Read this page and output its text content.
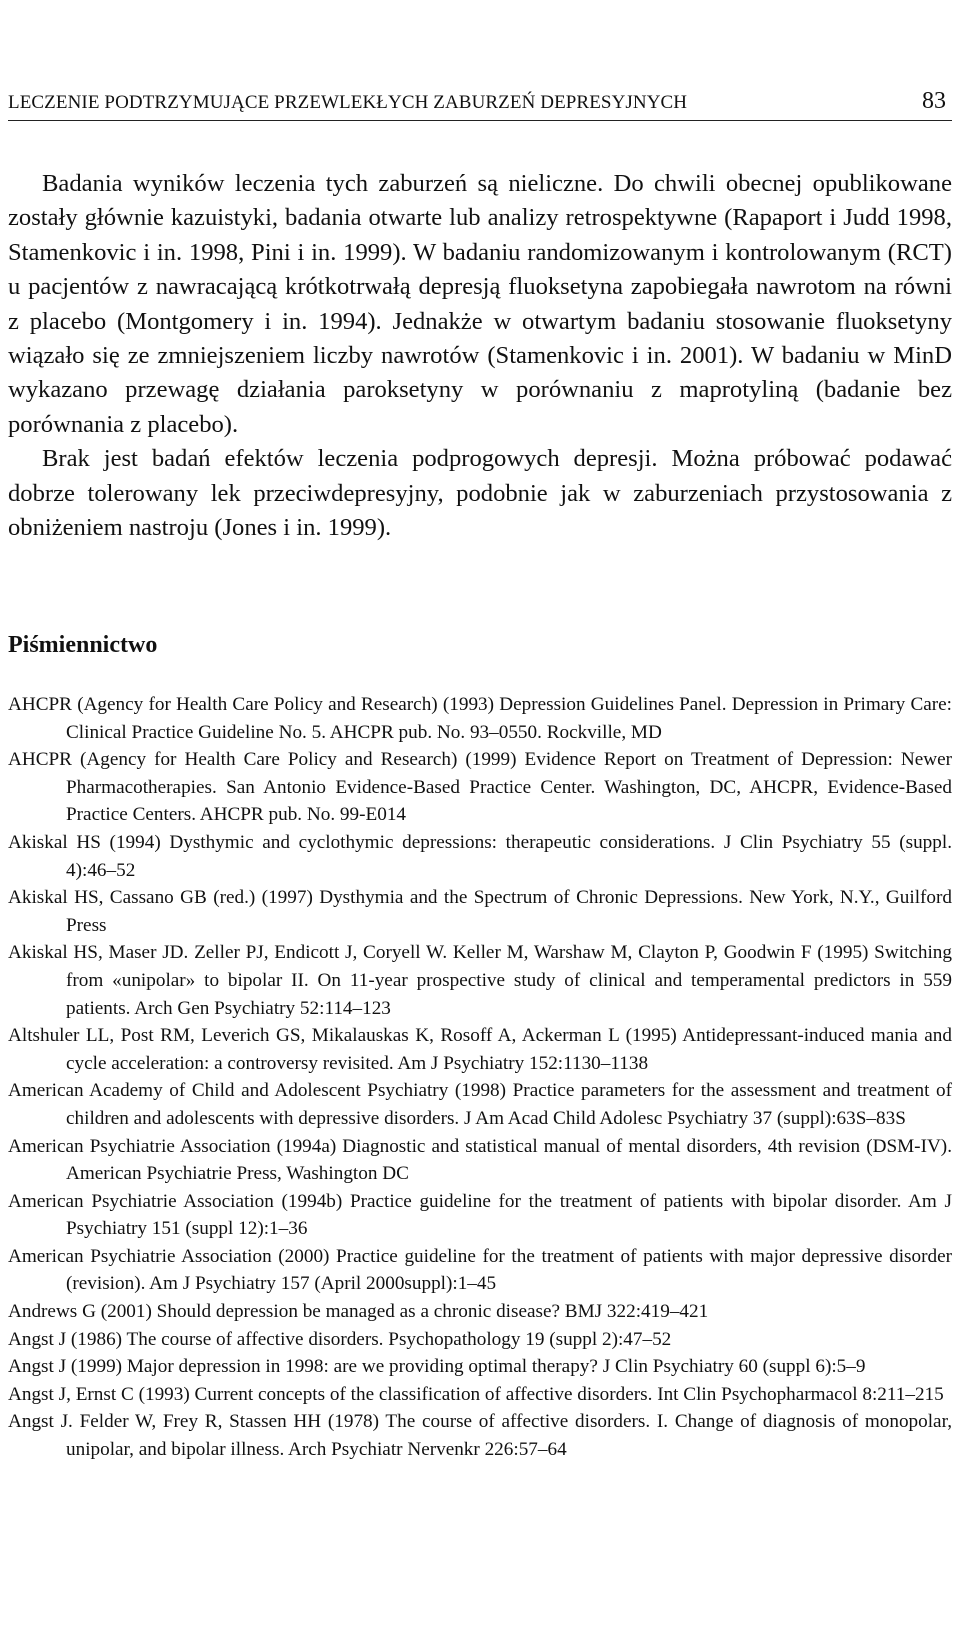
LECZENIE PODTRZYMUJĄCE PRZEWLEKŁYCH ZABURZEŃ DEPRESYJNYCH	83

Badania wyników leczenia tych zaburzeń są nieliczne. Do chwili obecnej opublikowane zostały głównie kazuistyki, badania otwarte lub analizy retrospektywne (Rapaport i Judd 1998, Stamenkovic i in. 1998, Pini i in. 1999). W badaniu randomizowanym i kontrolowanym (RCT) u pacjentów z nawracającą krótkotrwałą depresją fluoksetyna zapobiegała nawrotom na równi z placebo (Montgomery i in. 1994). Jednakże w otwartym badaniu stosowanie fluoksetyny wiązało się ze zmniejszeniem liczby nawrotów (Stamenkovic i in. 2001). W badaniu w MinD wykazano przewagę działania paroksetyny w porównaniu z maprotyliną (badanie bez porównania z placebo).

Brak jest badań efektów leczenia podprogowych depresji. Można próbować podawać dobrze tolerowany lek przeciwdepresyjny, podobnie jak w zaburzeniach przystosowania z obniżeniem nastroju (Jones i in. 1999).

Piśmiennictwo

AHCPR (Agency for Health Care Policy and Research) (1993) Depression Guidelines Panel. Depression in Primary Care: Clinical Practice Guideline No. 5. AHCPR pub. No. 93–0550. Rockville, MD

AHCPR (Agency for Health Care Policy and Research) (1999) Evidence Report on Treatment of Depression: Newer Pharmacotherapies. San Antonio Evidence-Based Practice Center. Washington, DC, AHCPR, Evidence-Based Practice Centers. AHCPR pub. No. 99-E014

Akiskal HS (1994) Dysthymic and cyclothymic depressions: therapeutic considerations. J Clin Psychiatry 55 (suppl. 4):46–52

Akiskal HS, Cassano GB (red.) (1997) Dysthymia and the Spectrum of Chronic Depressions. New York, N.Y., Guilford Press

Akiskal HS, Maser JD. Zeller PJ, Endicott J, Coryell W. Keller M, Warshaw M, Clayton P, Goodwin F (1995) Switching from «unipolar» to bipolar II. On 11-year prospective study of clinical and temperamental predictors in 559 patients. Arch Gen Psychiatry 52:114–123

Altshuler LL, Post RM, Leverich GS, Mikalauskas K, Rosoff A, Ackerman L (1995) Antidepressant-induced mania and cycle acceleration: a controversy revisited. Am J Psychiatry 152:1130–1138

American Academy of Child and Adolescent Psychiatry (1998) Practice parameters for the assessment and treatment of children and adolescents with depressive disorders. J Am Acad Child Adolesc Psychiatry 37 (suppl):63S–83S

American Psychiatrie Association (1994a) Diagnostic and statistical manual of mental disorders, 4th revision (DSM-IV). American Psychiatrie Press, Washington DC

American Psychiatrie Association (1994b) Practice guideline for the treatment of patients with bipolar disorder. Am J Psychiatry 151 (suppl 12):1–36

American Psychiatrie Association (2000) Practice guideline for the treatment of patients with major depressive disorder (revision). Am J Psychiatry 157 (April 2000suppl):1–45

Andrews G (2001) Should depression be managed as a chronic disease? BMJ 322:419–421

Angst J (1986) The course of affective disorders. Psychopathology 19 (suppl 2):47–52

Angst J (1999) Major depression in 1998: are we providing optimal therapy? J Clin Psychiatry 60 (suppl 6):5–9

Angst J, Ernst C (1993) Current concepts of the classification of affective disorders. Int Clin Psychopharmacol 8:211–215

Angst J. Felder W, Frey R, Stassen HH (1978) The course of affective disorders. I. Change of diagnosis of monopolar, unipolar, and bipolar illness. Arch Psychiatr Nervenkr 226:57–64
